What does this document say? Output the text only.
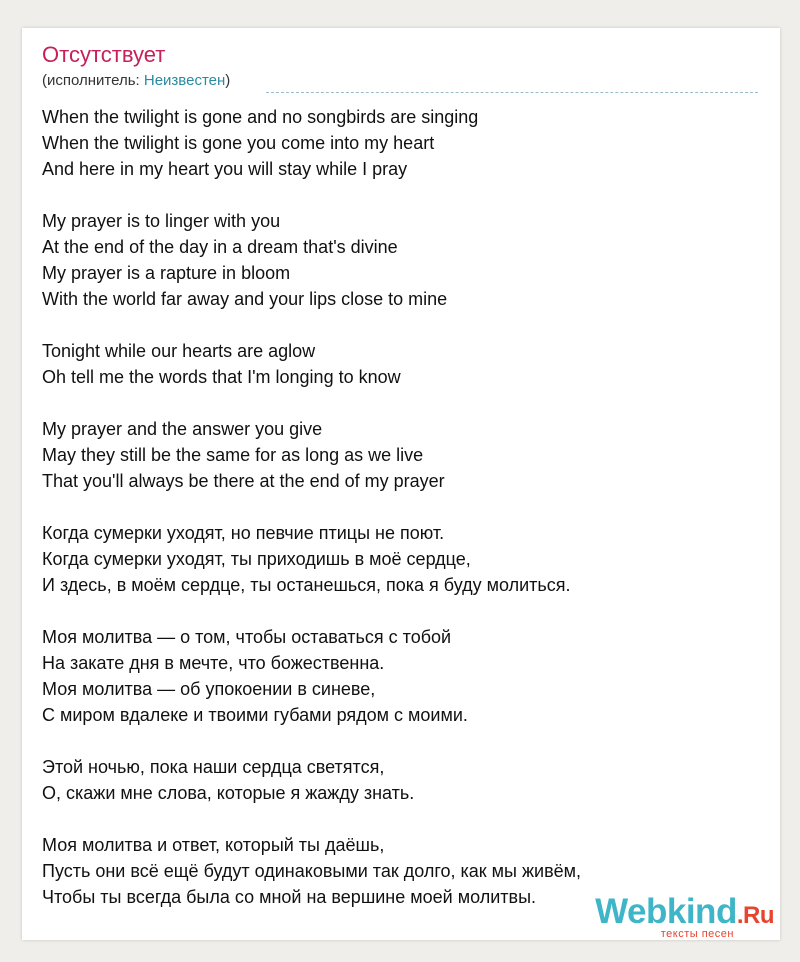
Отсутствует
(исполнитель: Неизвестен)
When the twilight is gone and no songbirds are singing
When the twilight is gone you come into my heart
And here in my heart you will stay while I pray
My prayer is to linger with you
At the end of the day in a dream that's divine
My prayer is a rapture in bloom
With the world far away and your lips close to mine
Tonight while our hearts are aglow
Oh tell me the words that I'm longing to know
My prayer and the answer you give
May they still be the same for as long as we live
That you'll always be there at the end of my prayer
Когда сумерки уходят, но певчие птицы не поют.
Когда сумерки уходят, ты приходишь в моё сердце,
И здесь, в моём сердце, ты останешься, пока я буду молиться.
Моя молитва — о том, чтобы оставаться с тобой
На закате дня в мечте, что божественна.
Моя молитва — об упокоении в синеве,
С миром вдалеке и твоими губами рядом с моими.
Этой ночью, пока наши сердца светятся,
О, скажи мне слова, которые я жажду знать.
Моя молитва и ответ, который ты даёшь,
Пусть они всё ещё будут одинаковыми так долго, как мы живём,
Чтобы ты всегда была со мной на вершине моей молитвы.	Webkind.Ru
тексты песен
